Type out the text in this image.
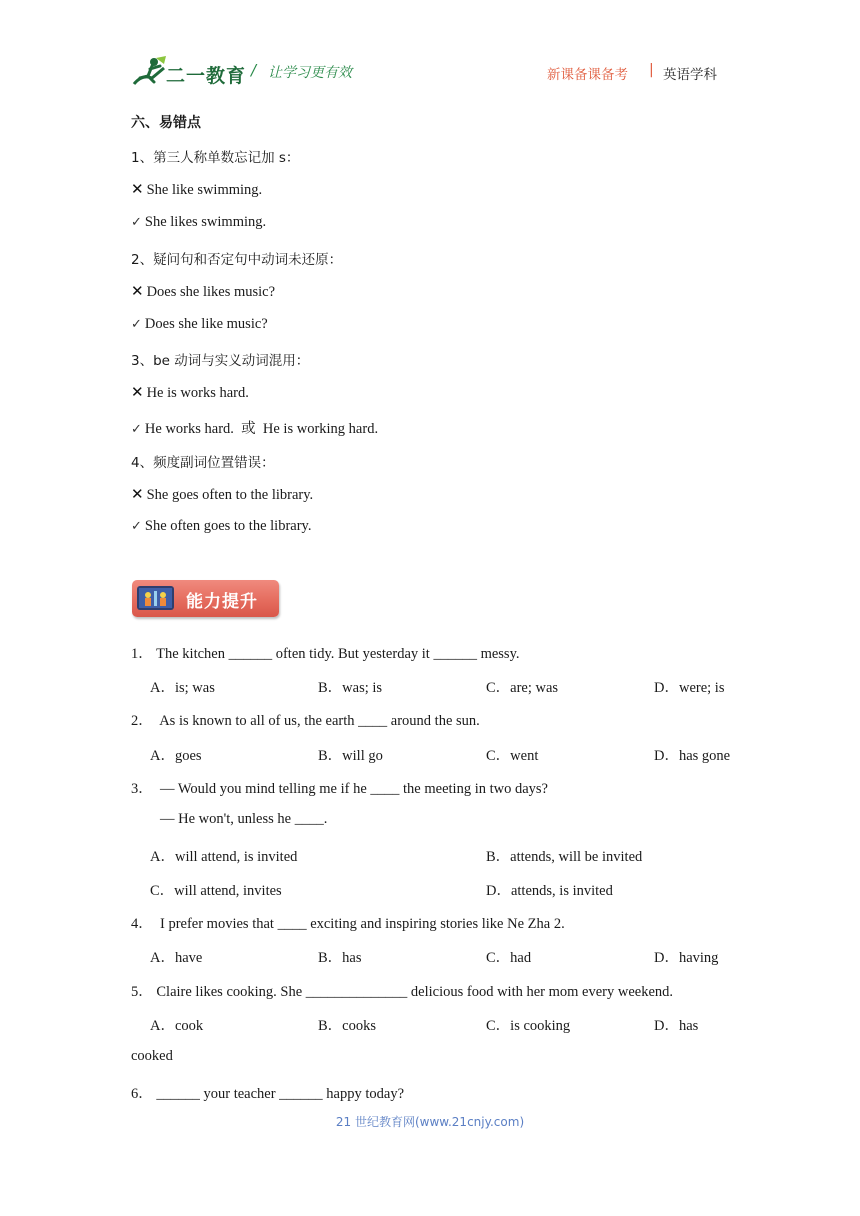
二一教育 / 让学习更有效	新课备课备考 | 英语学科
六、易错点
1、第三人称单数忘记加 s：
✕ She like swimming.
✓ She likes swimming.
2、疑问句和否定句中动词未还原：
✕ Does she likes music?
✓ Does she like music?
3、be 动词与实义动词混用：
✕ He is works hard.
✓ He works hard.  或  He is working hard.
4、频度副词位置错误：
✕ She goes often to the library.
✓ She often goes to the library.
能力提升
1． The kitchen ______ often tidy. But yesterday it ______ messy.
A．is; was	B．was; is	C．are; was	D．were; is
2． As is known to all of us, the earth ____ around the sun.
A．goes	B．will go	C．went	D．has gone
3． — Would you mind telling me if he ____ the meeting in two days?
— He won't, unless he ____.
A．will attend, is invited	B．attends, will be invited
C．will attend, invites	D．attends, is invited
4． I prefer movies that ____ exciting and inspiring stories like Ne Zha 2.
A．have	B．has	C．had	D．having
5． Claire likes cooking. She ______________ delicious food with her mom every weekend.
A．cook	B．cooks	C．is cooking	D．has
cooked
6． ______ your teacher ______ happy today?
21 世纪教育网(www.21cnjy.com)
